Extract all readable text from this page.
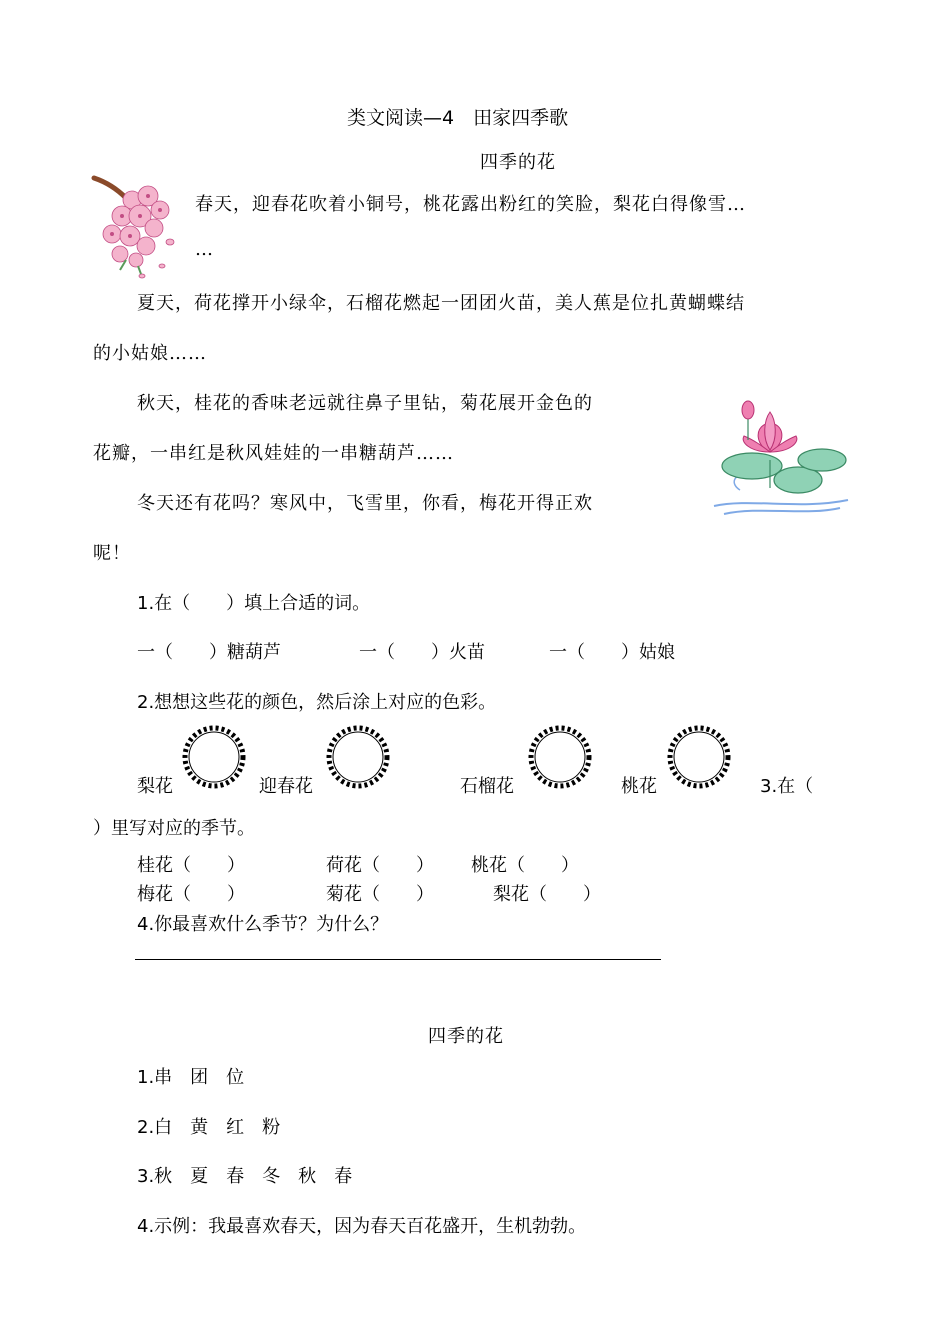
类文阅读—4　田家四季歌
四季的花
春天，迎春花吹着小铜号，桃花露出粉红的笑脸，梨花白得像雪…
…
夏天，荷花撑开小绿伞，石榴花燃起一团团火苗，美人蕉是位扎黄蝴蝶结
的小姑娘……
秋天，桂花的香味老远就往鼻子里钻，菊花展开金色的
花瓣，一串红是秋风娃娃的一串糖葫芦……
冬天还有花吗？寒风中，飞雪里，你看，梅花开得正欢
呢！
1.在（　　）填上合适的词。
一（　　）糖葫芦	一（　　）火苗	一（　　）姑娘
2.想想这些花的颜色，然后涂上对应的色彩。
梨花	迎春花	石榴花	桃花	3.在（
）里写对应的季节。
桂花（　　）	荷花（　　） 桃花（　　）
梅花（　　）	菊花（　　）	梨花（　　）
4.你最喜欢什么季节？为什么？
四季的花
1.串　团　位
2.白　黄　红　粉
3.秋　夏　春　冬　秋　春
4.示例：我最喜欢春天，因为春天百花盛开，生机勃勃。
